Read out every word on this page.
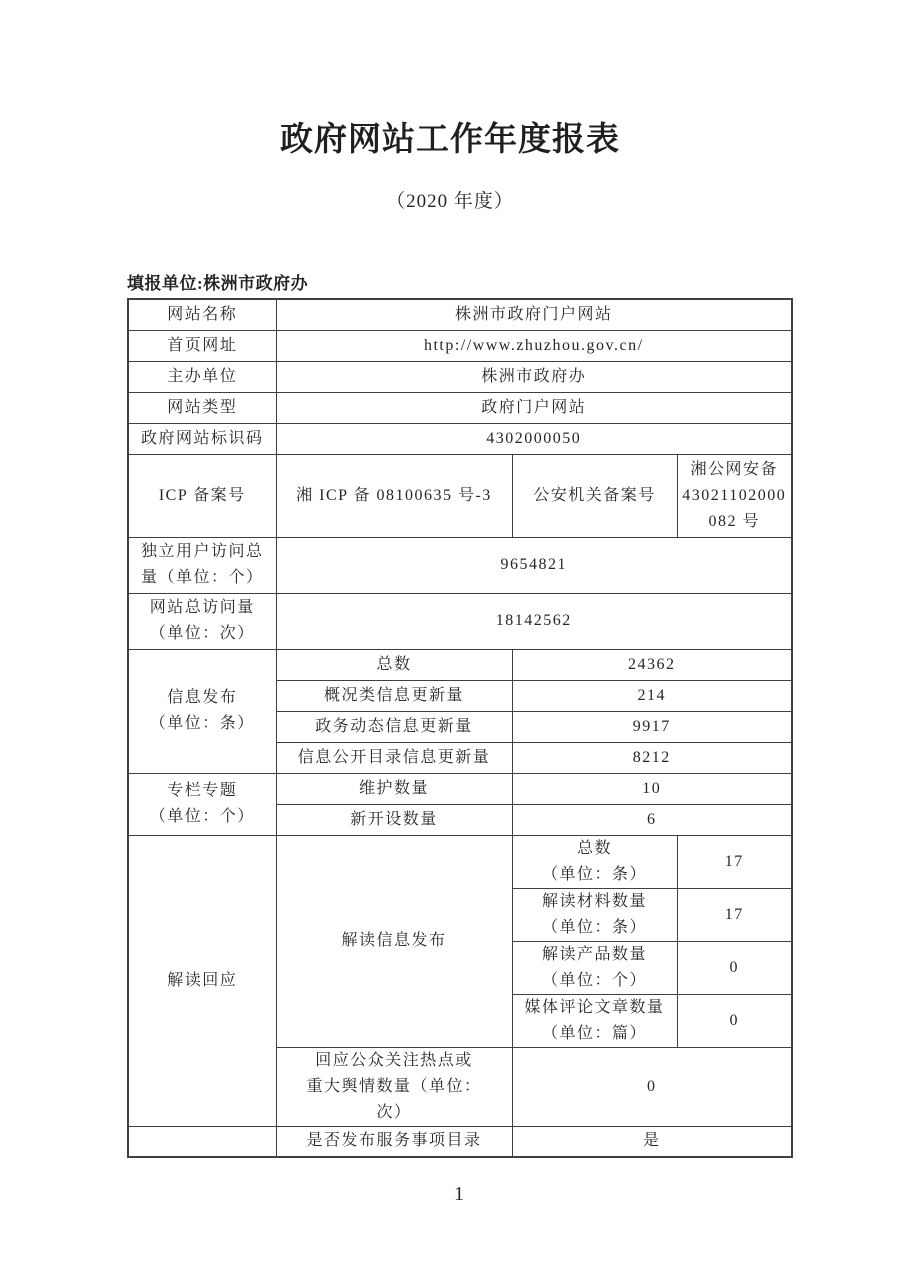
政府网站工作年度报表
（2020 年度）
填报单位:株洲市政府办
网站名称	株洲市政府门户网站		
首页网址	http://www.zhuzhou.gov.cn/		
主办单位	株洲市政府办		
网站类型	政府门户网站		
政府网站标识码	4302000050		
ICP 备案号	湘 ICP 备 08100635 号-3	公安机关备案号	湘公网安备
43021102000
082 号

独立用户访问总
量（单位：个）	9654821		

网站总访问量
（单位：次）	18142562		

信息发布
（单位：条）	总数	24362	
	概况类信息更新量	214	
	政务动态信息更新量	9917	
	信息公开目录信息更新量	8212	

专栏专题
（单位：个）	维护数量	10	
	新开设数量	6	
解读回应	解读信息发布	总数
（单位：条）	17

		解读材料数量
（单位：条）	17

		解读产品数量
（单位：个）	0

		媒体评论文章数量
（单位：篇）	0

	回应公众关注热点或
重大舆情数量（单位：
次）	0	
	是否发布服务事项目录	是	
1
